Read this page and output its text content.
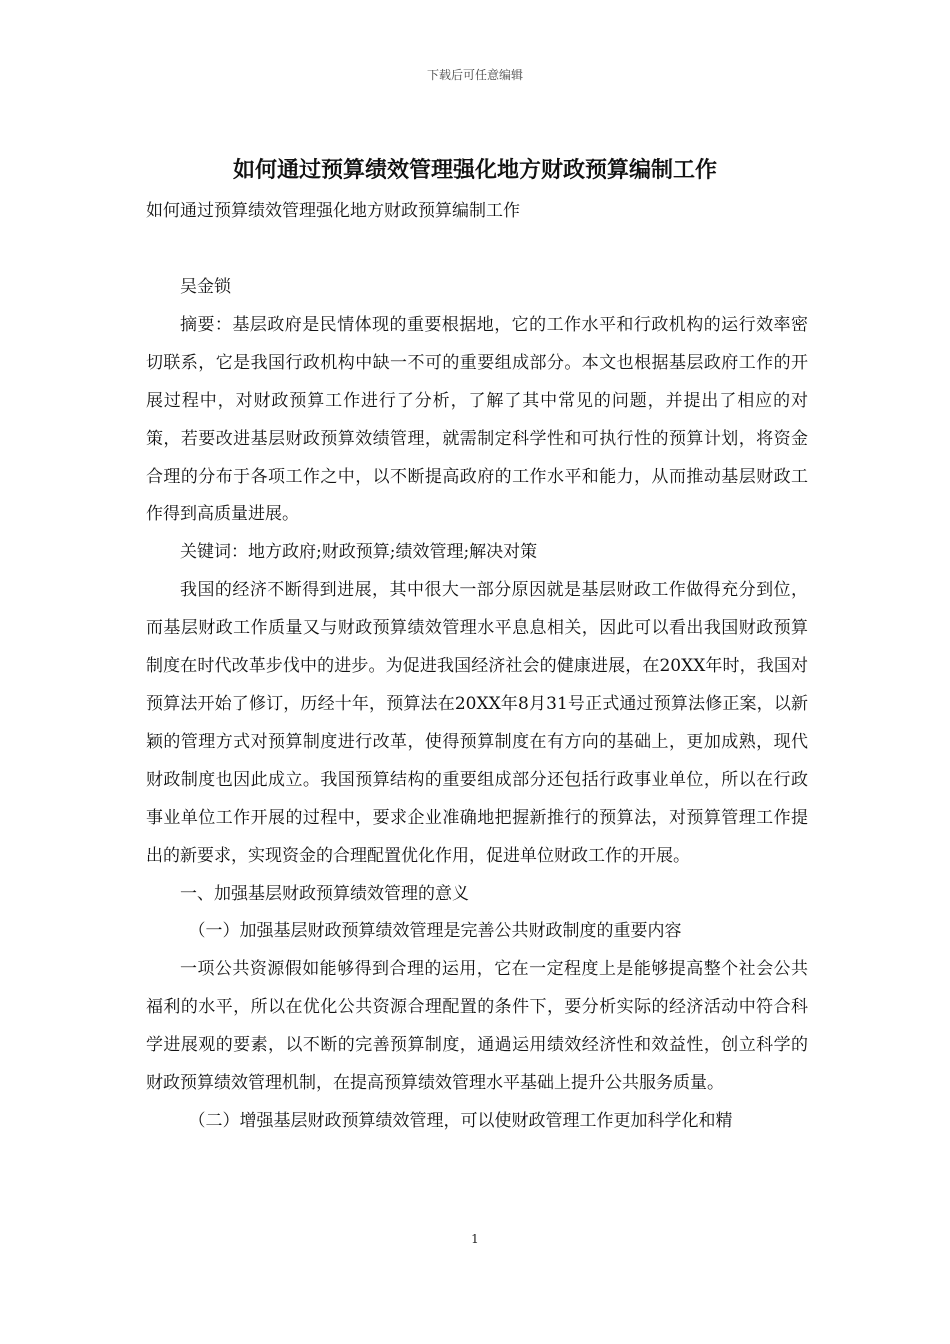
下载后可任意编辑
如何通过预算绩效管理强化地方财政预算编制工作
如何通过预算绩效管理强化地方财政预算编制工作

吴金锁

摘要：基层政府是民情体现的重要根据地，它的工作水平和行政机构的运行效率密切联系，它是我国行政机构中缺一不可的重要组成部分。本文也根据基层政府工作的开展过程中，对财政预算工作进行了分析，了解了其中常见的问题，并提出了相应的对策，若要改进基层财政预算效绩管理，就需制定科学性和可执行性的预算计划，将资金合理的分布于各项工作之中，以不断提高政府的工作水平和能力，从而推动基层财政工作得到高质量进展。

关键词：地方政府;财政预算;绩效管理;解决对策

我国的经济不断得到进展，其中很大一部分原因就是基层财政工作做得充分到位，而基层财政工作质量又与财政预算绩效管理水平息息相关，因此可以看出我国财政预算制度在时代改革步伐中的进步。为促进我国经济社会的健康进展，在20XX年时，我国对预算法开始了修订，历经十年，预算法在20XX年8月31号正式通过预算法修正案，以新颖的管理方式对预算制度进行改革，使得预算制度在有方向的基础上，更加成熟，现代财政制度也因此成立。我国预算结构的重要组成部分还包括行政事业单位，所以在行政事业单位工作开展的过程中，要求企业准确地把握新推行的预算法，对预算管理工作提出的新要求，实现资金的合理配置优化作用，促进单位财政工作的开展。

一、加强基层财政预算绩效管理的意义

（一）加强基层财政预算绩效管理是完善公共财政制度的重要内容

一项公共资源假如能够得到合理的运用，它在一定程度上是能够提高整个社会公共福利的水平，所以在优化公共资源合理配置的条件下，要分析实际的经济活动中符合科学进展观的要素，以不断的完善预算制度，通過运用绩效经济性和效益性，创立科学的财政预算绩效管理机制，在提高预算绩效管理水平基础上提升公共服务质量。

（二）增强基层财政预算绩效管理，可以使财政管理工作更加科学化和精

1
